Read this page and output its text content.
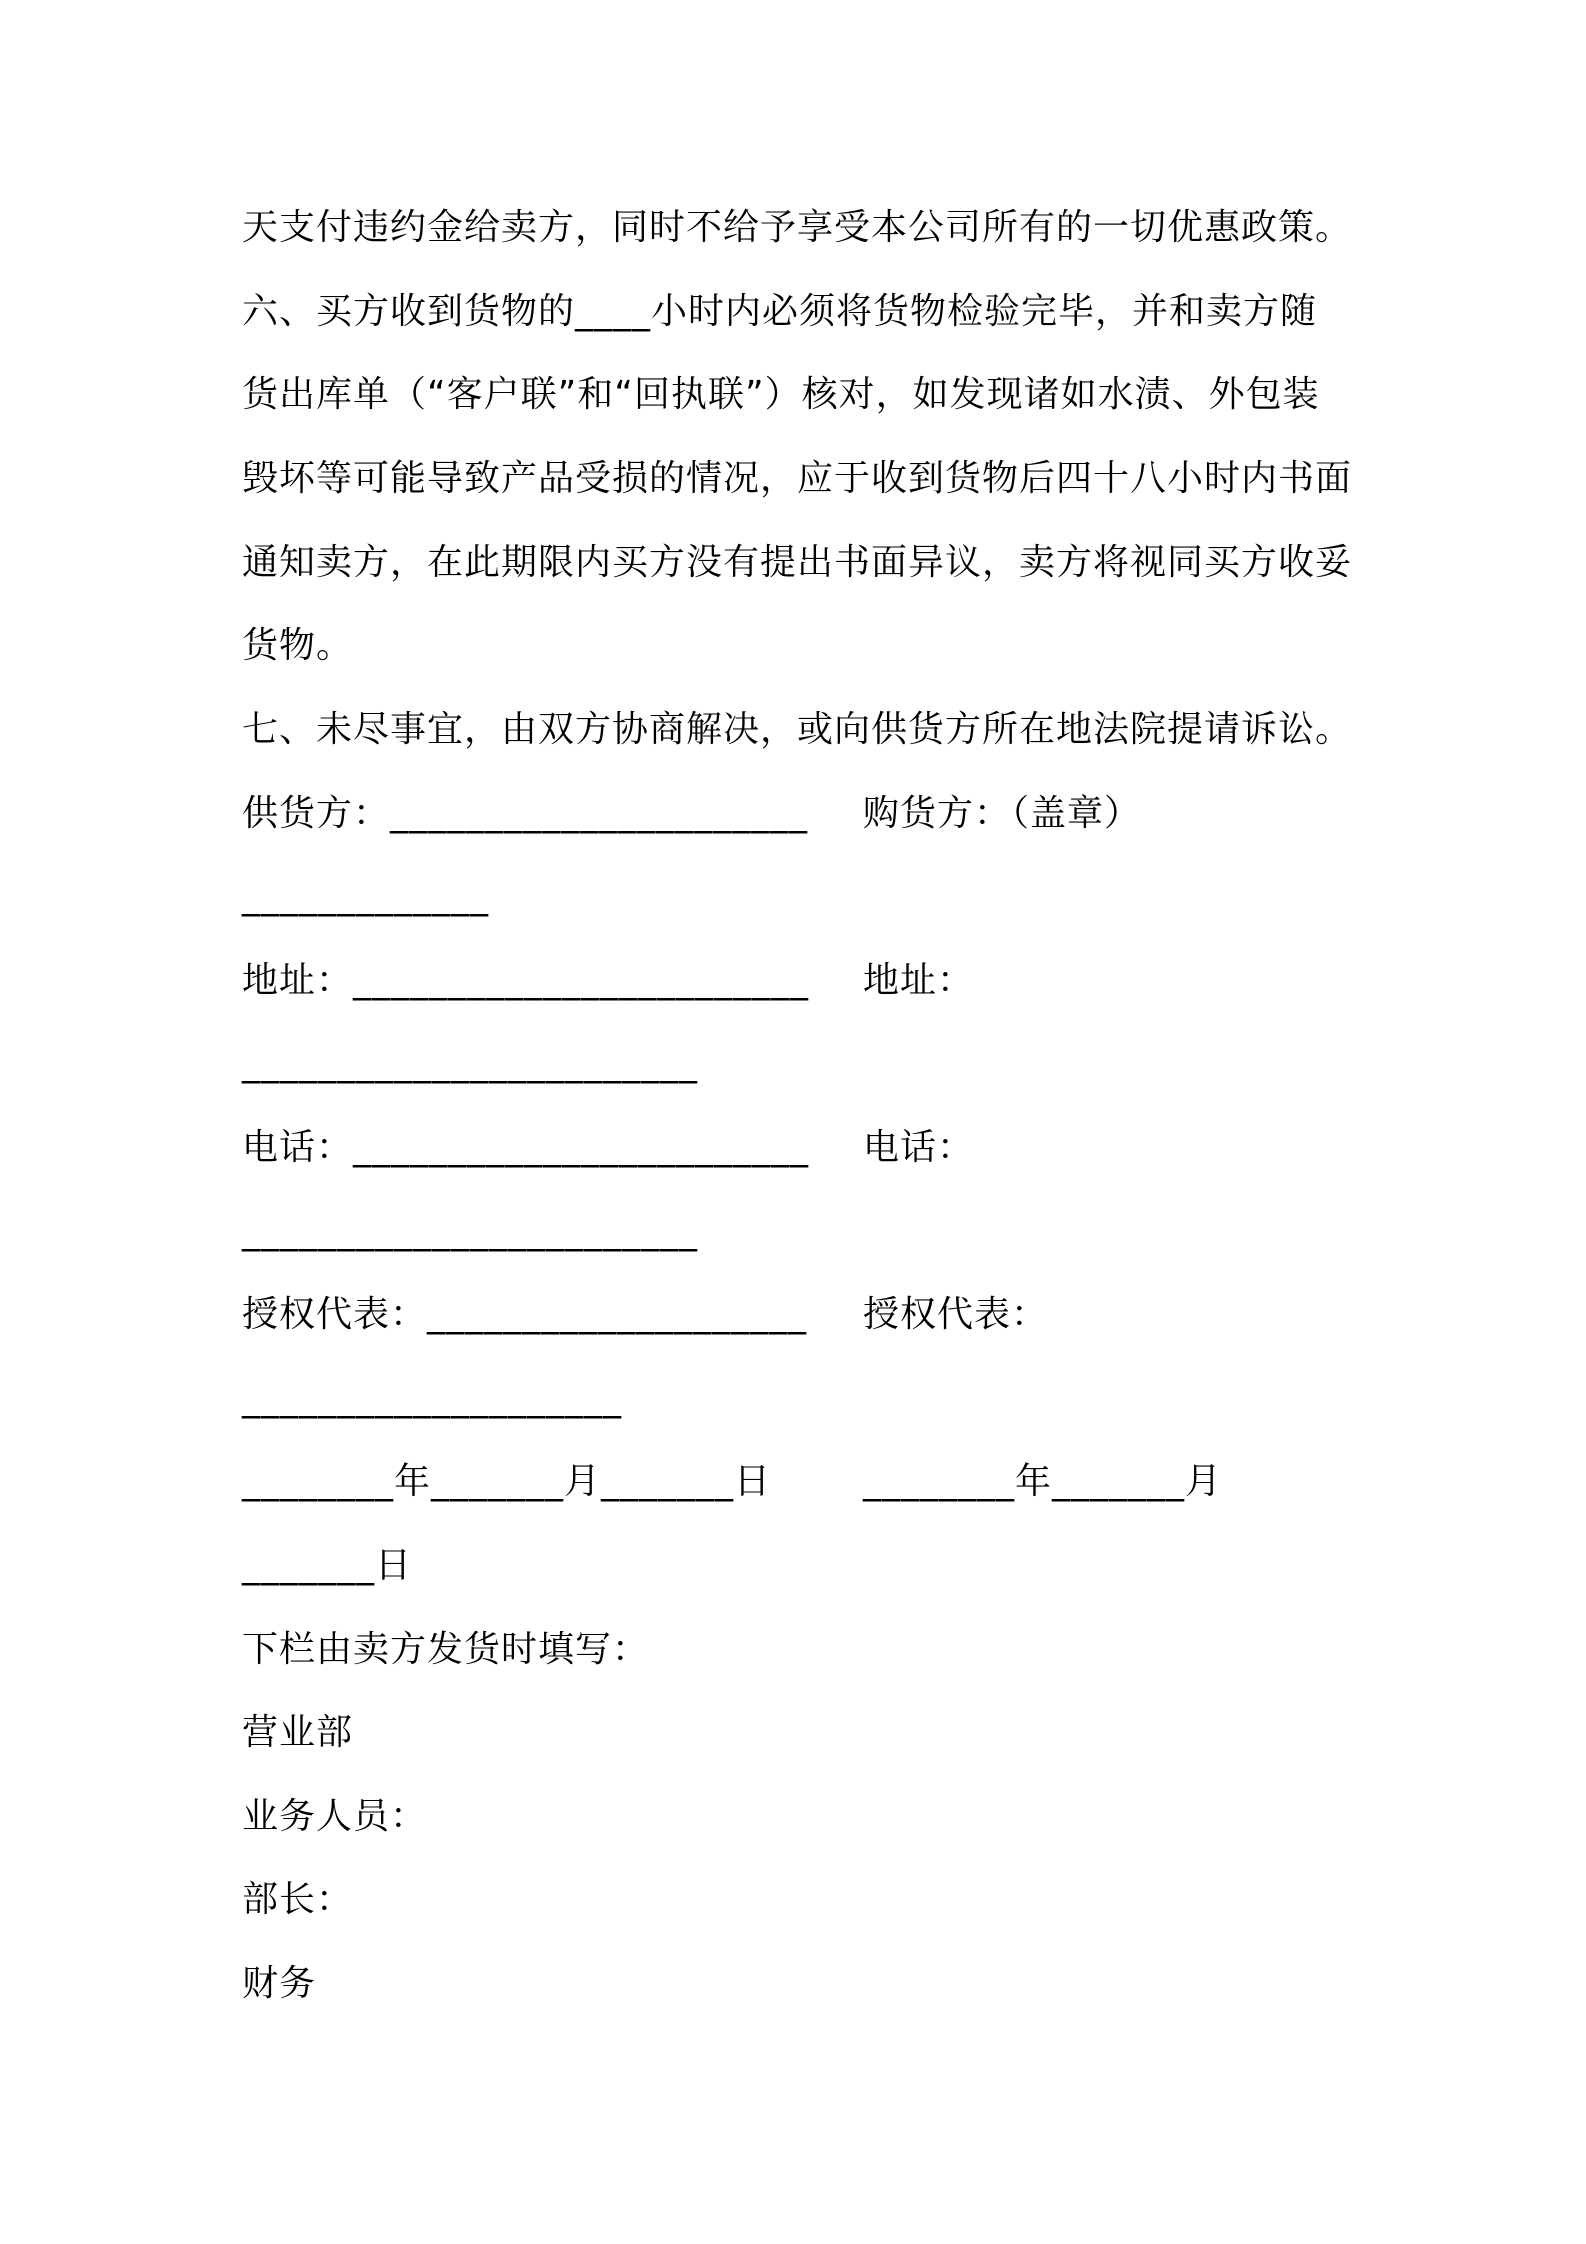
天支付违约金给卖方，同时不给予享受本公司所有的一切优惠政策。
六、买方收到货物的____小时内必须将货物检验完毕，并和卖方随
货出库单（“客户联”和“回执联”）核对，如发现诸如水渍、外包装
毁坏等可能导致产品受损的情况，应于收到货物后四十八小时内书面
通知卖方，在此期限内买方没有提出书面异议，卖方将视同买方收妥
货物。
七、未尽事宜，由双方协商解决，或向供货方所在地法院提请诉讼。
供货方：______________________ 购货方：（盖章）
_____________
地址：________________________ 地址：
________________________
电话：________________________ 电话：
________________________
授权代表：____________________ 授权代表：
____________________
________年_______月_______日	________年_______月
_______日
下栏由卖方发货时填写：
营业部
业务人员：
部长：
财务
